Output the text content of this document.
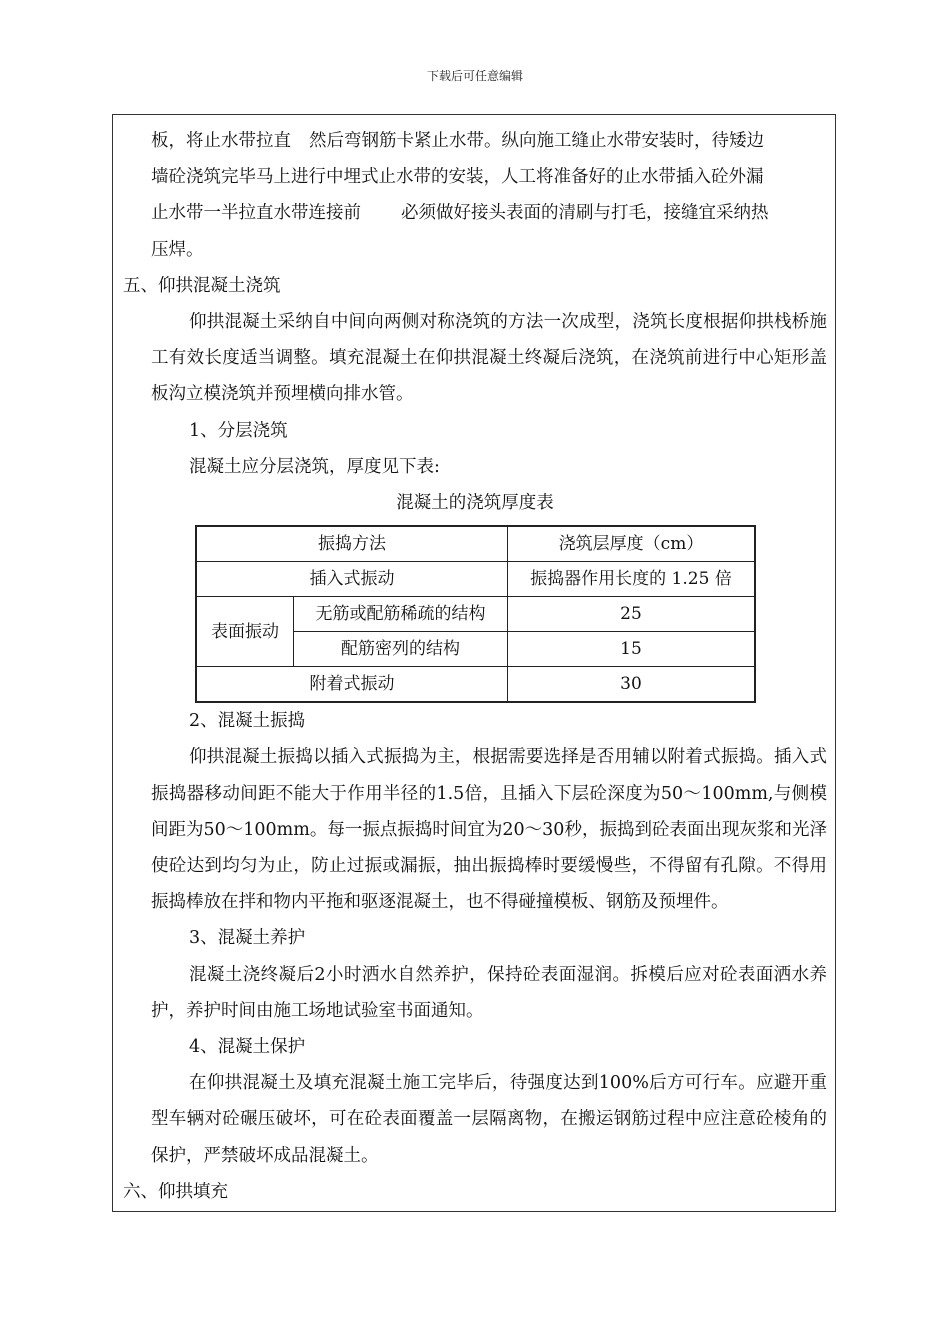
下载后可任意编辑

板，将止水带拉直 然后弯钢筋卡紧止水带。纵向施工缝止水带安装时，待矮边

墙砼浇筑完毕马上进行中埋式止水带的安装，人工将准备好的止水带插入砼外漏

止水带一半拉直水带连接前 必须做好接头表面的清刷与打毛，接缝宜采纳热

压焊。

五、仰拱混凝土浇筑

仰拱混凝土采纳自中间向两侧对称浇筑的方法一次成型，浇筑长度根据仰拱栈桥施工有效长度适当调整。填充混凝土在仰拱混凝土终凝后浇筑，在浇筑前进行中心矩形盖板沟立模浇筑并预埋横向排水管。

1、分层浇筑

混凝土应分层浇筑，厚度见下表:

混凝土的浇筑厚度表

振捣方法		浇筑层厚度（cm）
插入式振动		振捣器作用长度的 1.25 倍
表面振动	无筋或配筋稀疏的结构	25
	配筋密列的结构	15
附着式振动		30

2、混凝土振捣

仰拱混凝土振捣以插入式振捣为主，根据需要选择是否用辅以附着式振捣。插入式振捣器移动间距不能大于作用半径的1.5倍，且插入下层砼深度为50～100mm,与侧模间距为50～100mm。每一振点振捣时间宜为20～30秒，振捣到砼表面出现灰浆和光泽使砼达到均匀为止，防止过振或漏振，抽出振捣棒时要缓慢些，不得留有孔隙。不得用振捣棒放在拌和物内平拖和驱逐混凝土，也不得碰撞模板、钢筋及预埋件。

3、混凝土养护

混凝土浇终凝后2小时洒水自然养护，保持砼表面湿润。拆模后应对砼表面洒水养护，养护时间由施工场地试验室书面通知。

4、混凝土保护

在仰拱混凝土及填充混凝土施工完毕后，待强度达到100%后方可行车。应避开重型车辆对砼碾压破坏，可在砼表面覆盖一层隔离物，在搬运钢筋过程中应注意砼棱角的保护，严禁破坏成品混凝土。

六、仰拱填充
